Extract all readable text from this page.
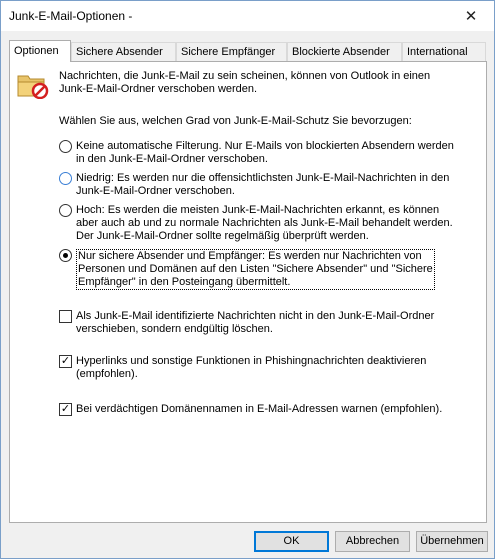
Junk-E-Mail-Optionen -	✕
Optionen	Sichere Absender	Sichere Empfänger	Blockierte Absender	International
Nachrichten, die Junk-E-Mail zu sein scheinen, können von Outlook in einen
Junk-E-Mail-Ordner verschoben werden.
Wählen Sie aus, welchen Grad von Junk-E-Mail-Schutz Sie bevorzugen:
Keine automatische Filterung. Nur E-Mails von blockierten Absendern werden
in den Junk-E-Mail-Ordner verschoben.
Niedrig: Es werden nur die offensichtlichsten Junk-E-Mail-Nachrichten in den
Junk-E-Mail-Ordner verschoben.
Hoch: Es werden die meisten Junk-E-Mail-Nachrichten erkannt, es können
aber auch ab und zu normale Nachrichten als Junk-E-Mail behandelt werden.
Der Junk-E-Mail-Ordner sollte regelmäßig überprüft werden.
Nur sichere Absender und Empfänger: Es werden nur Nachrichten von
Personen und Domänen auf den Listen "Sichere Absender" und "Sichere
Empfänger" in den Posteingang übermittelt.
Als Junk-E-Mail identifizierte Nachrichten nicht in den Junk-E-Mail-Ordner
verschieben, sondern endgültig löschen.
✓ Hyperlinks und sonstige Funktionen in Phishingnachrichten deaktivieren
(empfohlen).
✓ Bei verdächtigen Domänennamen in E-Mail-Adressen warnen (empfohlen).
OK	Abbrechen	Übernehmen
